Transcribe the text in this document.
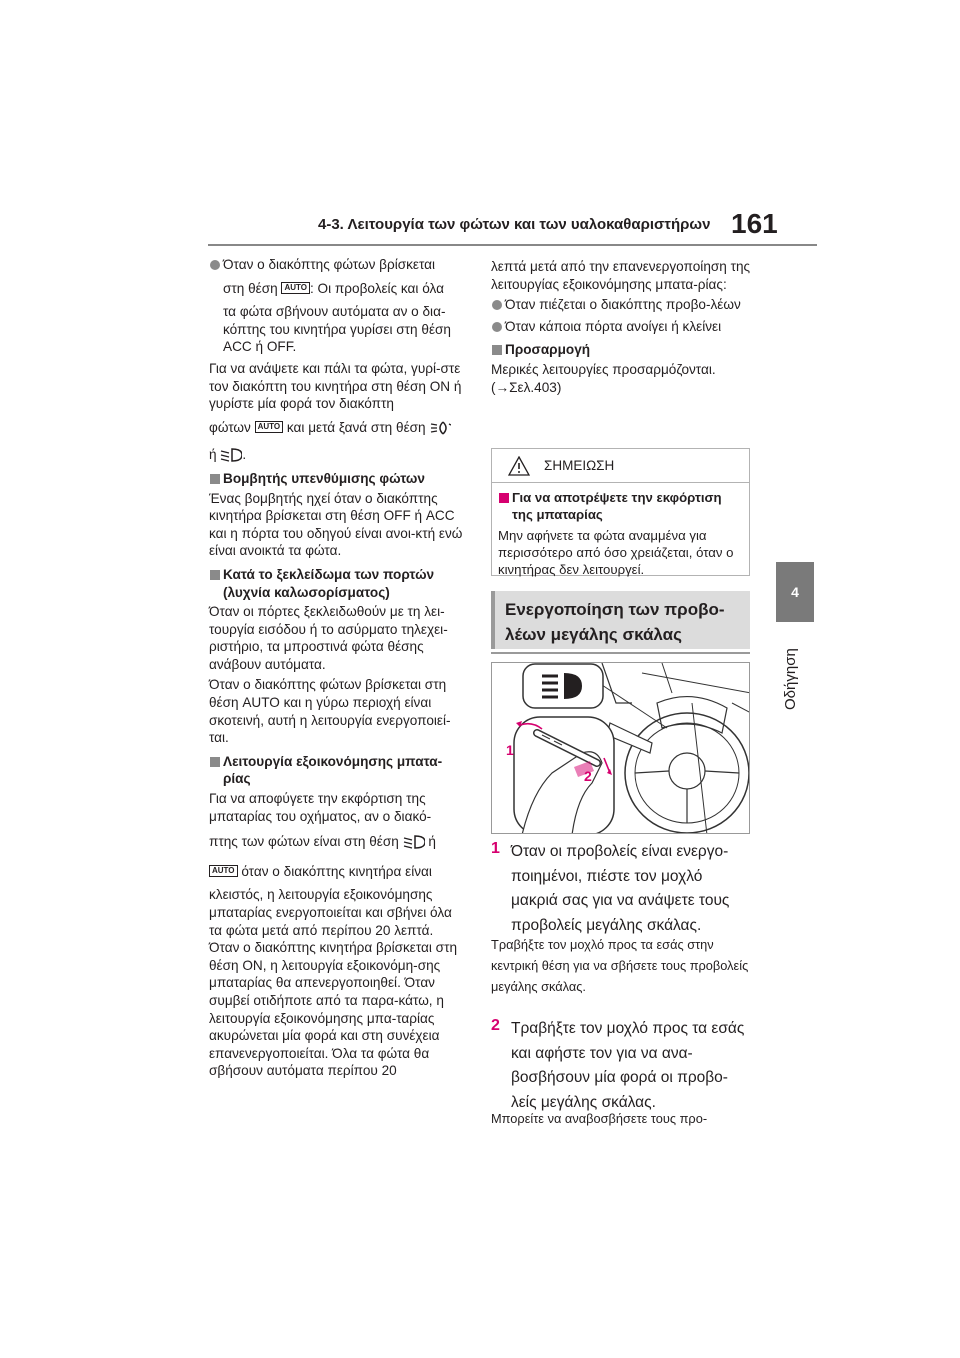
4-3. Λειτουργία των φώτων και των υαλοκαθαριστήρων 161
4
Οδήγηση
Όταν ο διακόπτης φώτων βρίσκεται
στη θέση AUTO : Οι προβολείς και όλα
τα φώτα σβήνουν αυτόματα αν ο δια-κόπτης του κινητήρα γυρίσει στη θέση ACC ή OFF.
Για να ανάψετε και πάλι τα φώτα, γυρί-στε τον διακόπτη του κινητήρα στη θέση ON ή γυρίστε μία φορά τον διακόπτη
φώτων AUTO και μετά ξανά στη θέση
ή .
Βομβητής υπενθύμισης φώτων
Ένας βομβητής ηχεί όταν ο διακόπτης κινητήρα βρίσκεται στη θέση OFF ή ACC και η πόρτα του οδηγού είναι ανοι-κτή ενώ είναι ανοικτά τα φώτα.
Κατά το ξεκλείδωμα των πορτών (λυχνία καλωσορίσματος)
Όταν οι πόρτες ξεκλειδωθούν με τη λει-τουργία εισόδου ή το ασύρματο τηλεχει-ριστήριο, τα μπροστινά φώτα θέσης ανάβουν αυτόματα.
Όταν ο διακόπτης φώτων βρίσκεται στη θέση AUTO και η γύρω περιοχή είναι σκοτεινή, αυτή η λειτουργία ενεργοποιεί-ται.
Λειτουργία εξοικονόμησης μπατα-ρίας
Για να αποφύγετε την εκφόρτιση της μπαταρίας του οχήματος, αν ο διακό-
πτης των φώτων είναι στη θέση ή
AUTO όταν ο διακόπτης κινητήρα είναι
κλειστός, η λειτουργία εξοικονόμησης μπαταρίας ενεργοποιείται και σβήνει όλα τα φώτα μετά από περίπου 20 λεπτά. Όταν ο διακόπτης κινητήρα βρίσκεται στη θέση ON, η λειτουργία εξοικονόμη-σης μπαταρίας θα απενεργοποιηθεί. Όταν συμβεί οτιδήποτε από τα παρα-κάτω, η λειτουργία εξοικονόμησης μπα-ταρίας ακυρώνεται μία φορά και στη συνέχεια επανενεργοποιείται. Όλα τα φώτα θα σβήσουν αυτόματα περίπου 20
λεπτά μετά από την επανενεργοποίηση της λειτουργίας εξοικονόμησης μπατα-ρίας:
Όταν πιέζεται ο διακόπτης προβο-λέων
Όταν κάποια πόρτα ανοίγει ή κλείνει
Προσαρμογή
Μερικές λειτουργίες προσαρμόζονται. (→Σελ.403)
ΣΗΜΕΙΩΣΗ
Για να αποτρέψετε την εκφόρτιση της μπαταρίας
Μην αφήνετε τα φώτα αναμμένα για περισσότερο από όσο χρειάζεται, όταν ο κινητήρας δεν λειτουργεί.
Ενεργοποίηση των προβο-λέων μεγάλης σκάλας
1
2
1 Όταν οι προβολείς είναι ενεργο-ποιημένοι, πιέστε τον μοχλό μακριά σας για να ανάψετε τους προβολείς μεγάλης σκάλας.
Τραβήξτε τον μοχλό προς τα εσάς στην κεντρική θέση για να σβήσετε τους προβολείς μεγάλης σκάλας.
2 Τραβήξτε τον μοχλό προς τα εσάς και αφήστε τον για να ανα-βοσβήσουν μία φορά οι προβο-λείς μεγάλης σκάλας.
Μπορείτε να αναβοσβήσετε τους προ-
